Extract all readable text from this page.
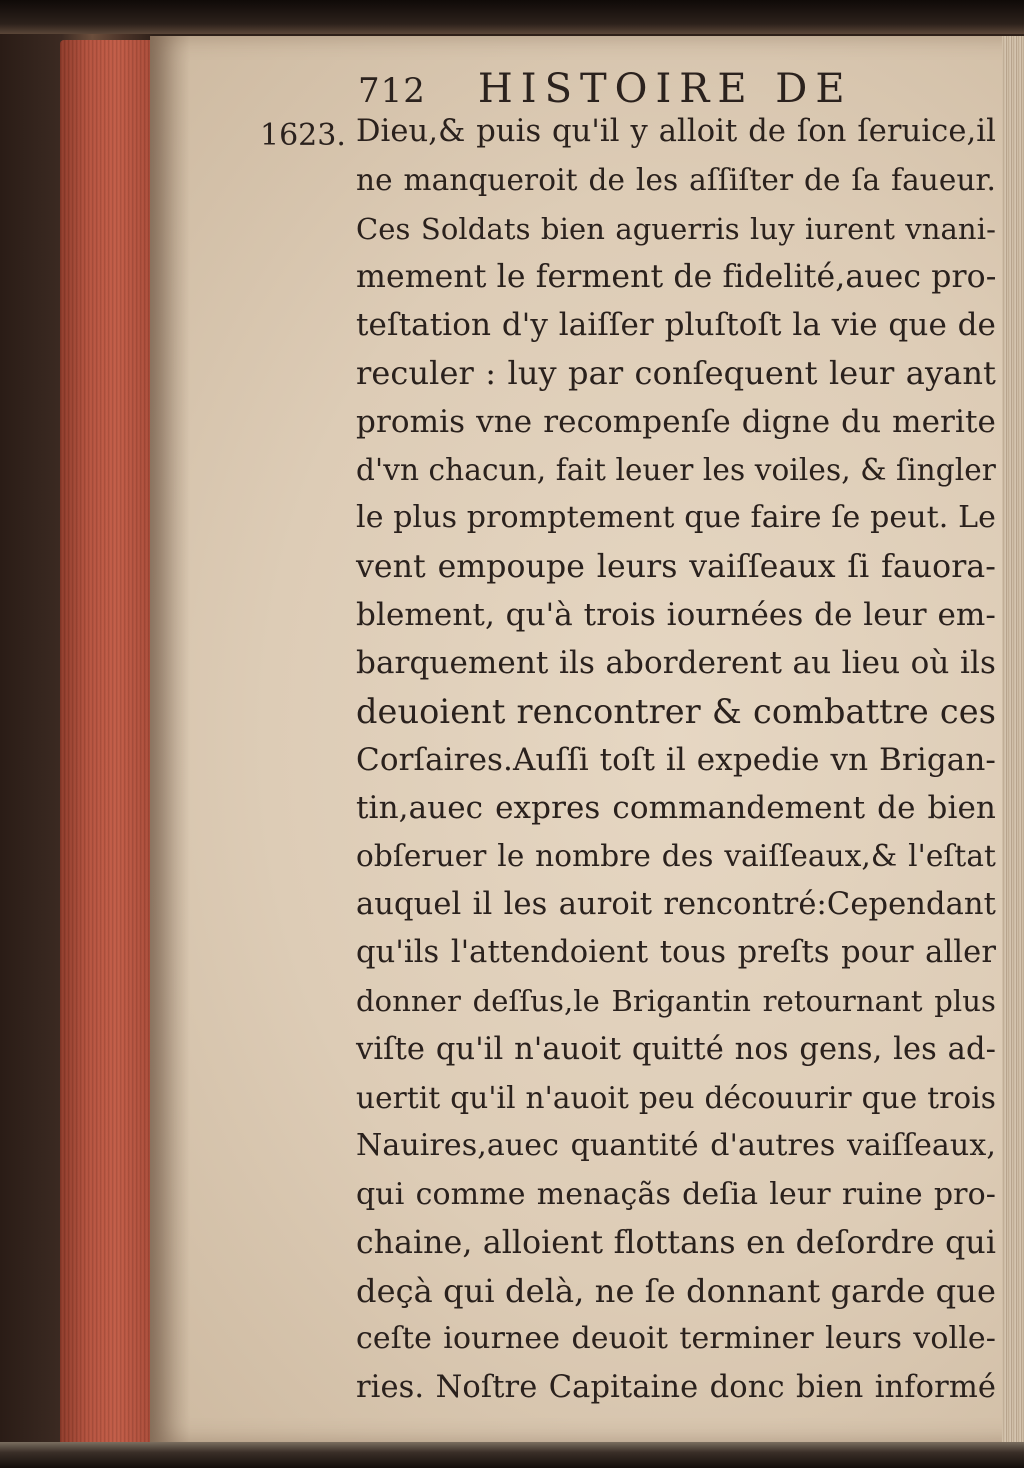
712 HISTOIRE DE
1623. Dieu,& puis qu'il y alloit de ſon ſeruice,il
ne manqueroit de les aſſiſter de ſa faueur.
Ces Soldats bien aguerris luy iurent vnani-
mement le ferment de fidelité,auec pro-
teſtation d'y laiſſer pluſtoſt la vie que de
reculer : luy par conſequent leur ayant
promis vne recompenſe digne du merite
d'vn chacun, fait leuer les voiles, & ſingler
le plus promptement que faire ſe peut. Le
vent empoupe leurs vaiſſeaux ſi fauora-
blement, qu'à trois iournées de leur em-
barquement ils aborderent au lieu où ils
deuoient rencontrer & combattre ces
Corſaires.Auſſi toſt il expedie vn Brigan-
tin,auec expres commandement de bien
obſeruer le nombre des vaiſſeaux,& l'eſtat
auquel il les auroit rencontré:Cependant
qu'ils l'attendoient tous preſts pour aller
donner deſſus,le Brigantin retournant plus
viſte qu'il n'auoit quitté nos gens, les ad-
uertit qu'il n'auoit peu découurir que trois
Nauires,auec quantité d'autres vaiſſeaux,
qui comme menaçãs deſia leur ruine pro-
chaine, alloient flottans en deſordre qui
deçà qui delà, ne ſe donnant garde que
ceſte iournee deuoit terminer leurs volle-
ries. Noſtre Capitaine donc bien informé
